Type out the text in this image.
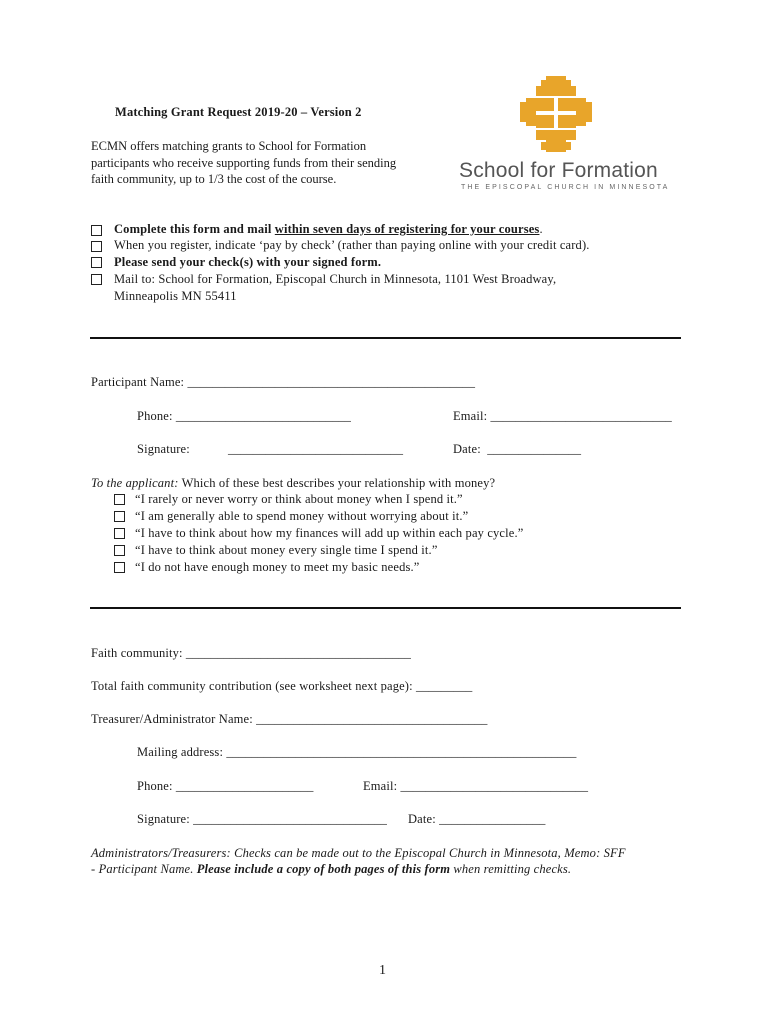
Matching Grant Request 2019-20 – Version 2
ECMN offers matching grants to School for Formation participants who receive supporting funds from their sending faith community, up to 1/3 the cost of the course.	School for Formation
THE EPISCOPAL CHURCH IN MINNESOTA
Complete this form and mail within seven days of registering for your courses.
When you register, indicate ‘pay by check’ (rather than paying online with your credit card).
Please send your check(s) with your signed form.
Mail to: School for Formation, Episcopal Church in Minnesota, 1101 West Broadway,
Minneapolis MN 55411
Participant Name: ______________________________________________
Phone: ____________________________	Email: _____________________________
Signature:	____________________________	Date:  _______________
To the applicant: Which of these best describes your relationship with money?
“I rarely or never worry or think about money when I spend it.”
“I am generally able to spend money without worrying about it.”
“I have to think about how my finances will add up within each pay cycle.”
“I have to think about money every single time I spend it.”
“I do not have enough money to meet my basic needs.”
Faith community: ____________________________________
Total faith community contribution (see worksheet next page): _________
Treasurer/Administrator Name: _____________________________________
Mailing address: ________________________________________________________
Phone: ______________________	Email: ______________________________
Signature: _______________________________ Date: _________________
Administrators/Treasurers: Checks can be made out to the Episcopal Church in Minnesota, Memo: SFF
- Participant Name. Please include a copy of both pages of this form when remitting checks.
1
